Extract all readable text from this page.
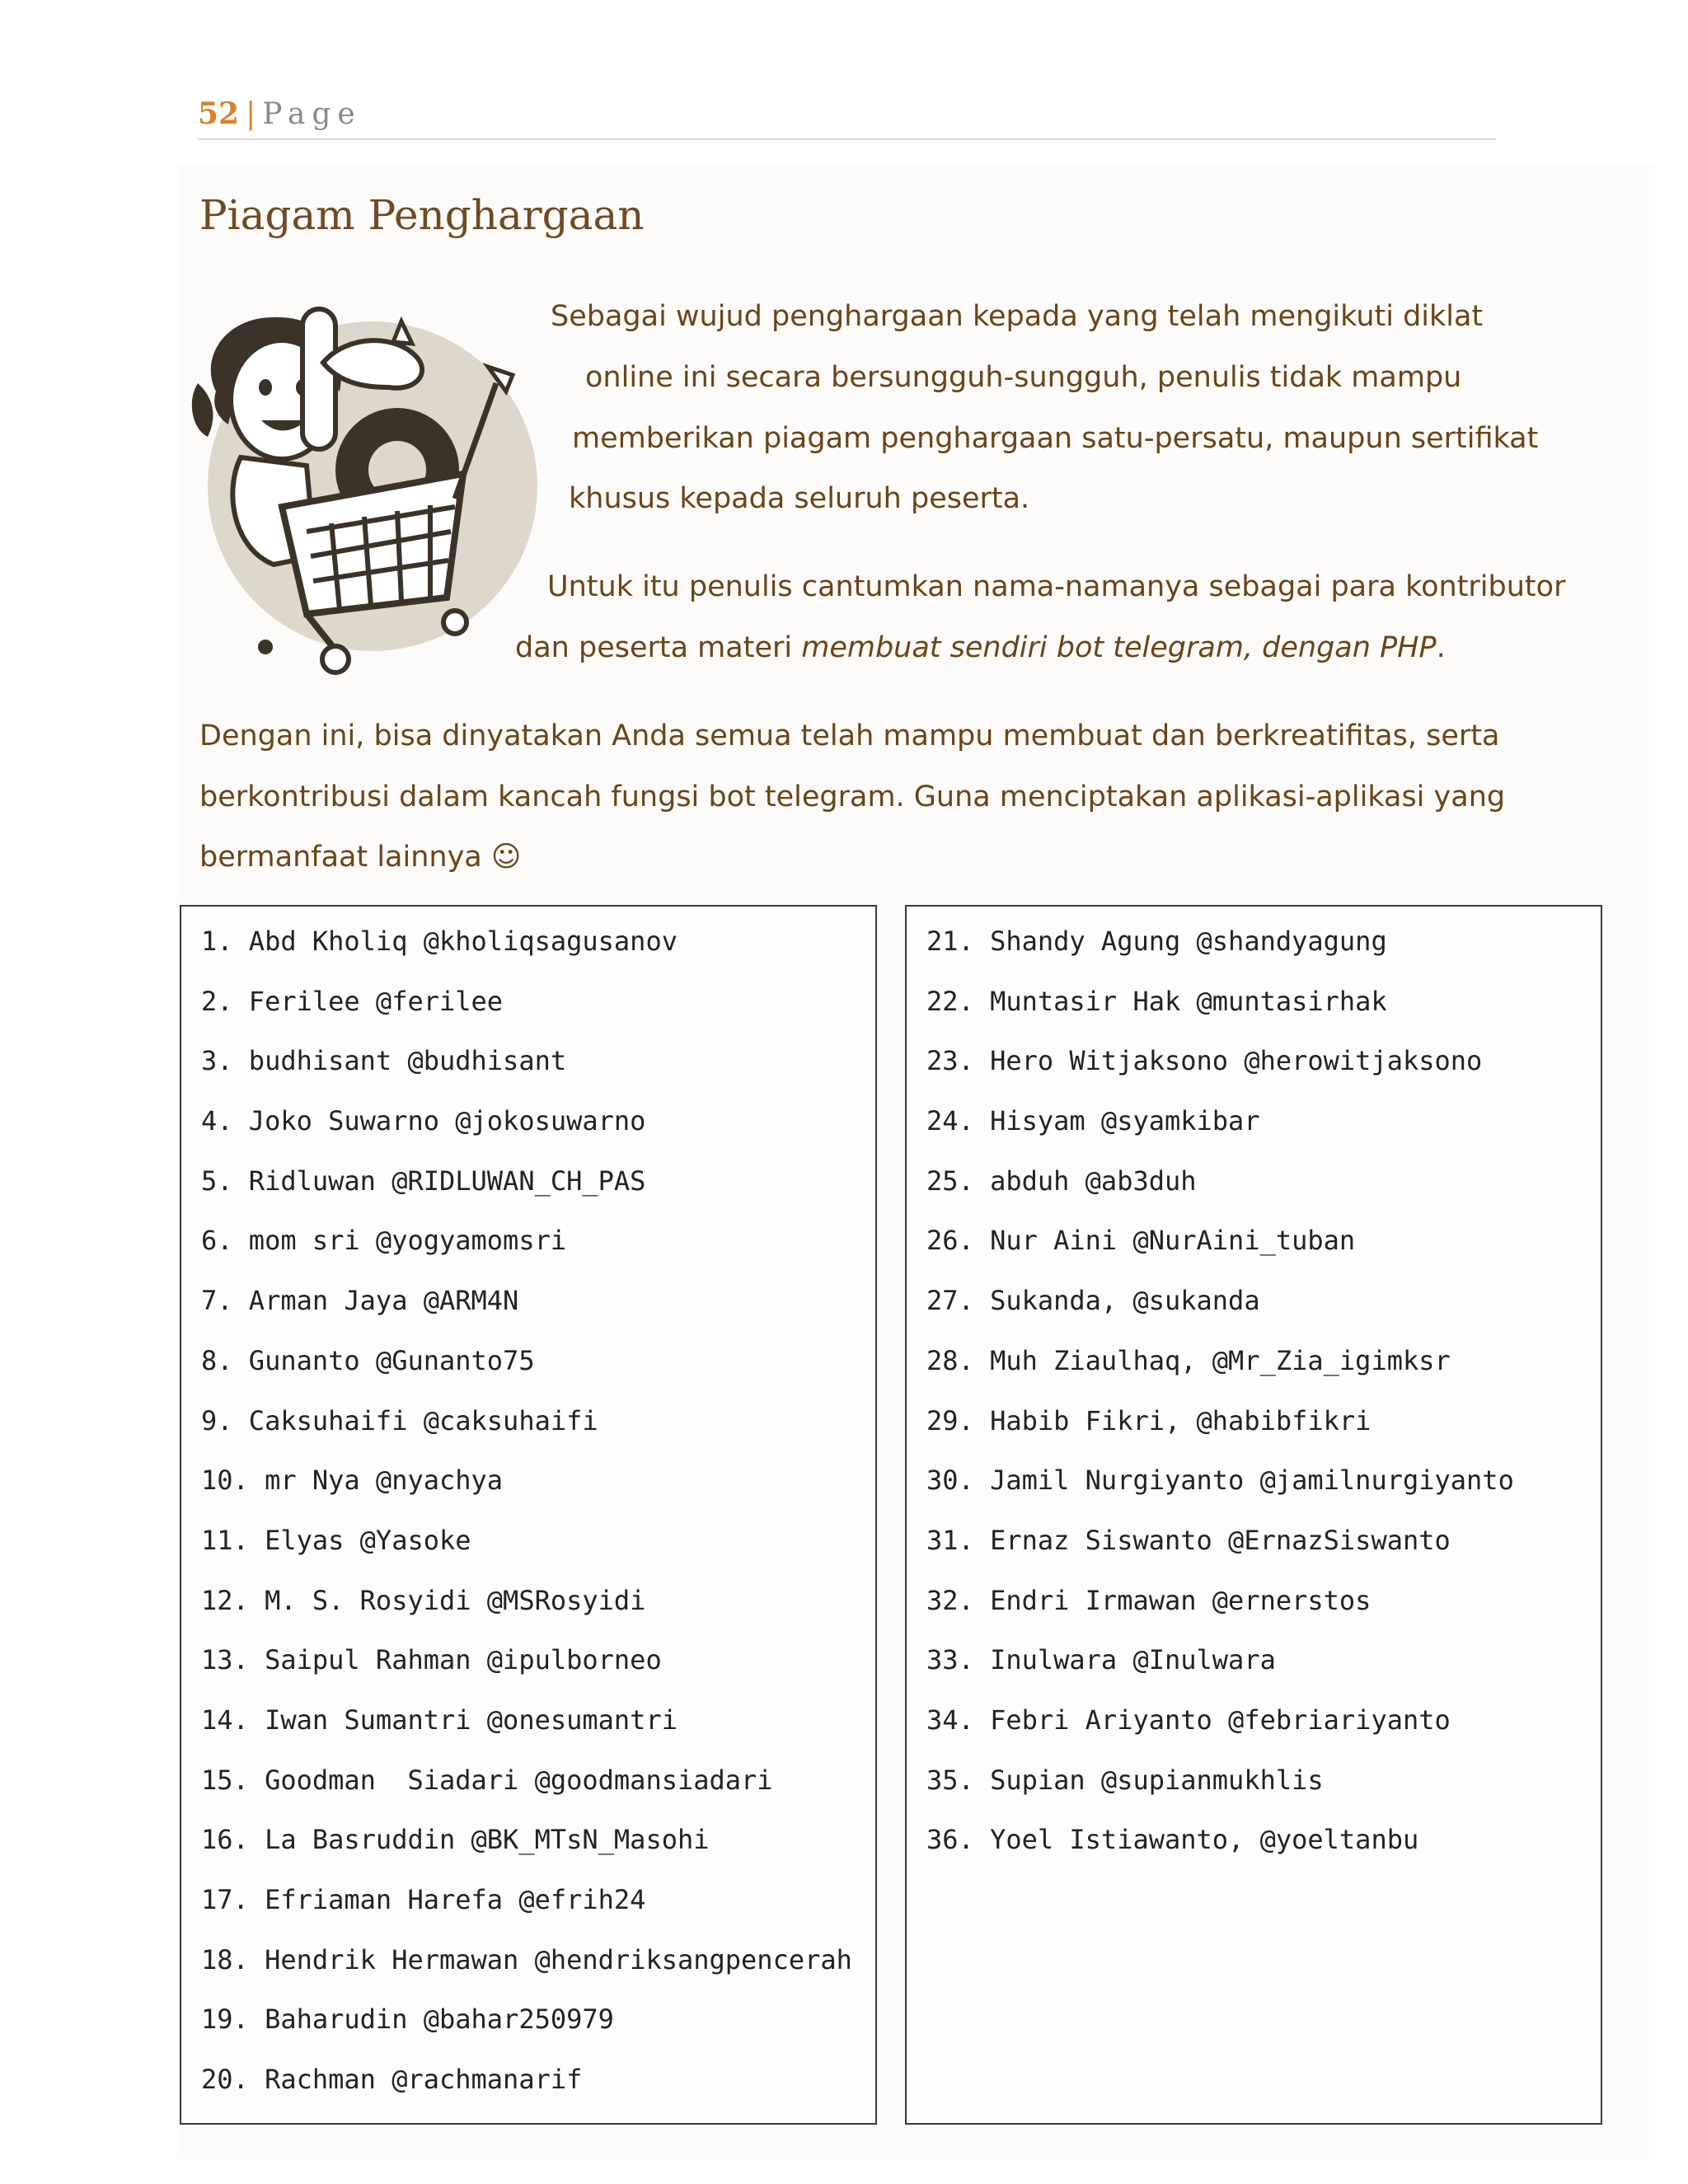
52 | Page
Piagam Penghargaan
Sebagai wujud penghargaan kepada yang telah mengikuti diklat
online ini secara bersungguh-sungguh, penulis tidak mampu
memberikan piagam penghargaan satu-persatu, maupun sertifikat
khusus kepada seluruh peserta.
Untuk itu penulis cantumkan nama-namanya sebagai para kontributor
dan peserta materi membuat sendiri bot telegram, dengan PHP.
Dengan ini, bisa dinyatakan Anda semua telah mampu membuat dan berkreatifitas, serta
berkontribusi dalam kancah fungsi bot telegram. Guna menciptakan aplikasi-aplikasi yang
bermanfaat lainnya ☺
1. Abd Kholiq @kholiqsagusanov
2. Ferilee @ferilee
3. budhisant @budhisant
4. Joko Suwarno @jokosuwarno
5. Ridluwan @RIDLUWAN_CH_PAS
6. mom sri @yogyamomsri
7. Arman Jaya @ARM4N
8. Gunanto @Gunanto75
9. Caksuhaifi @caksuhaifi
10. mr Nya @nyachya
11. Elyas @Yasoke
12. M. S. Rosyidi @MSRosyidi
13. Saipul Rahman @ipulborneo
14. Iwan Sumantri @onesumantri
15. Goodman  Siadari @goodmansiadari
16. La Basruddin @BK_MTsN_Masohi
17. Efriaman Harefa @efrih24
18. Hendrik Hermawan @hendriksangpencerah
19. Baharudin @bahar250979
20. Rachman @rachmanarif
21. Shandy Agung @shandyagung
22. Muntasir Hak @muntasirhak
23. Hero Witjaksono @herowitjaksono
24. Hisyam @syamkibar
25. abduh @ab3duh
26. Nur Aini @NurAini_tuban
27. Sukanda, @sukanda
28. Muh Ziaulhaq, @Mr_Zia_igimksr
29. Habib Fikri, @habibfikri
30. Jamil Nurgiyanto @jamilnurgiyanto
31. Ernaz Siswanto @ErnazSiswanto
32. Endri Irmawan @ernerstos
33. Inulwara @Inulwara
34. Febri Ariyanto @febriariyanto
35. Supian @supianmukhlis
36. Yoel Istiawanto, @yoeltanbu
